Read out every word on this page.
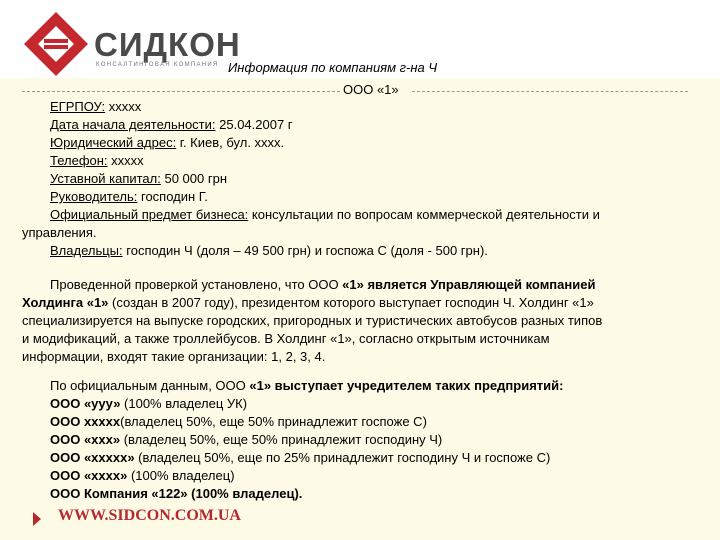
СИДКОН
КОНСАЛТИНГОВАЯ КОМПАНИЯ Информация по компаниям г-на Ч
ООО «1»
ЕГРПОУ: xxxxx
Дата начала деятельности: 25.04.2007 г
Юридический адрес: г. Киев, бул. xxxx.
Телефон: xxxxx
Уставной капитал: 50 000 грн
Руководитель: господин Г.
Официальный предмет бизнеса: консультации по вопросам коммерческой деятельности и
управления.
Владельцы: господин Ч (доля – 49 500 грн) и госпожа С (доля - 500 грн).
Проведенной проверкой установлено, что ООО «1» является Управляющей компанией
Холдинга «1» (создан в 2007 году), президентом которого выступает господин Ч. Холдинг «1»
специализируется на выпуске городских, пригородных и туристических автобусов разных типов
и модификаций, а также троллейбусов. В Холдинг «1», согласно открытым источникам
информации, входят такие организации: 1, 2, 3, 4.
По официальным данным, ООО «1» выступает учредителем таких предприятий:
ООО «ууу» (100% владелец УК)
ООО ххххх(владелец 50%, еще 50% принадлежит госпоже С)
ООО «ххх» (владелец 50%, еще 50% принадлежит господину Ч)
ООО «ххххх» (владелец 50%, еще по 25% принадлежит господину Ч и госпоже С)
ООО «хххх» (100% владелец)
ООО Компания «122» (100% владелец).
WWW.SIDCON.COM.UA
